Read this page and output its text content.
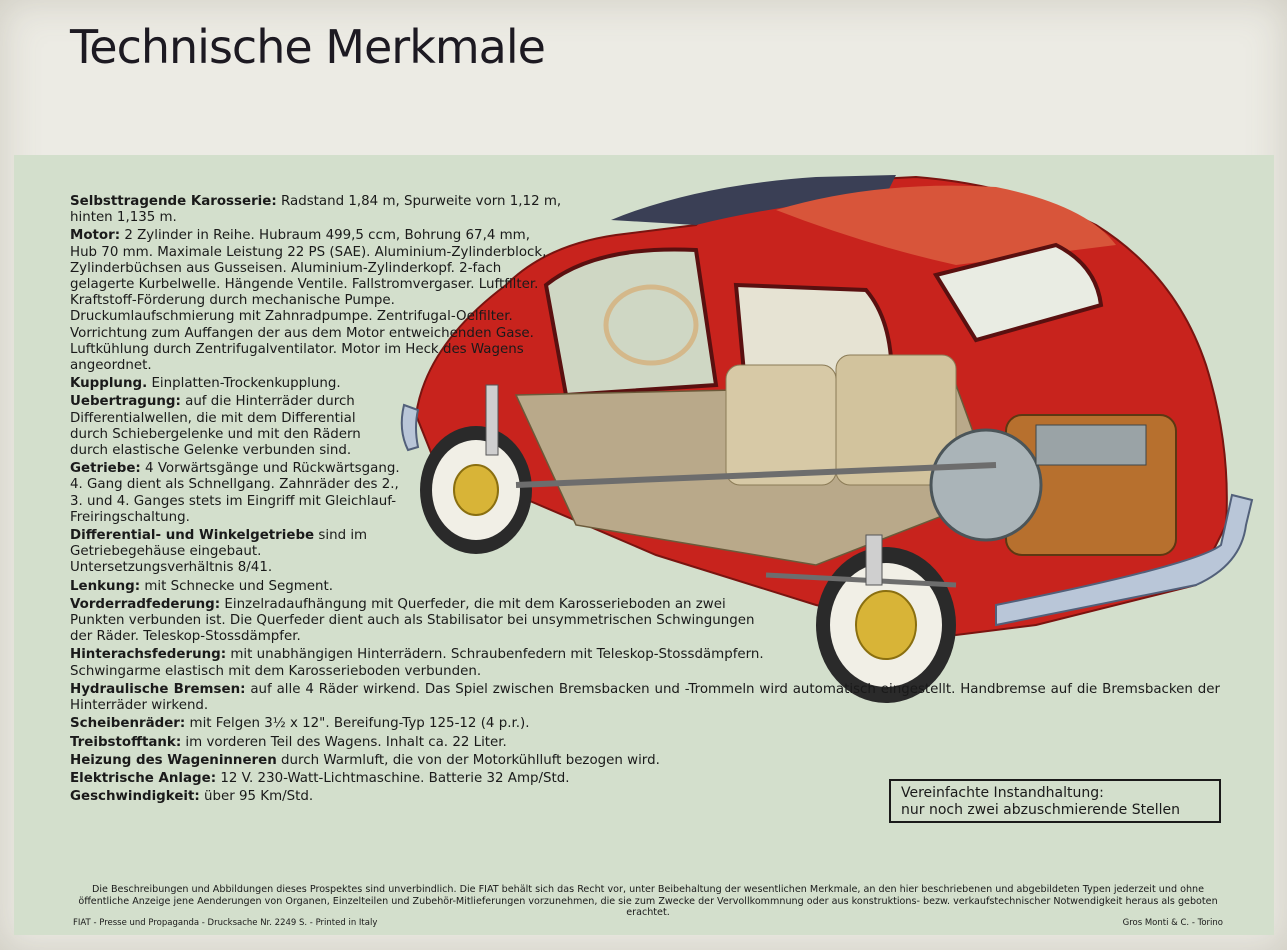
Technische Merkmale

Selbsttragende Karosserie: Radstand 1,84 m, Spurweite vorn 1,12 m, hinten 1,135 m.

Motor: 2 Zylinder in Reihe. Hubraum 499,5 ccm, Bohrung 67,4 mm, Hub 70 mm. Maximale Leistung 22 PS (SAE). Aluminium-Zylinderblock, Zylinderbüchsen aus Gusseisen. Aluminium-Zylinderkopf. 2-fach gelagerte Kurbelwelle. Hängende Ventile. Fallstromvergaser. Luftfilter. Kraftstoff-Förderung durch mechanische Pumpe. Druckumlaufschmierung mit Zahnradpumpe. Zentrifugal-Oelfilter. Vorrichtung zum Auffangen der aus dem Motor entweichenden Gase. Luftkühlung durch Zentrifugalventilator. Motor im Heck des Wagens angeordnet.

Kupplung. Einplatten-Trockenkupplung.

Uebertragung: auf die Hinterräder durch Differentialwellen, die mit dem Differential durch Schiebergelenke und mit den Rädern durch elastische Gelenke verbunden sind.

Getriebe: 4 Vorwärtsgänge und Rückwärtsgang. 4. Gang dient als Schnellgang. Zahnräder des 2., 3. und 4. Ganges stets im Eingriff mit Gleichlauf-Freiringschaltung.

Differential- und Winkelgetriebe sind im Getriebegehäuse eingebaut. Untersetzungsverhältnis 8/41.

Lenkung: mit Schnecke und Segment.

Vorderradfederung: Einzelradaufhängung mit Querfeder, die mit dem Karosserieboden an zwei Punkten verbunden ist. Die Querfeder dient auch als Stabilisator bei unsymmetrischen Schwingungen der Räder. Teleskop-Stossdämpfer.

Hinterachsfederung: mit unabhängigen Hinterrädern. Schraubenfedern mit Teleskop-Stossdämpfern. Schwingarme elastisch mit dem Karosserieboden verbunden.

Hydraulische Bremsen: auf alle 4 Räder wirkend. Das Spiel zwischen Bremsbacken und -Trommeln wird automatisch eingestellt. Handbremse auf die Bremsbacken der Hinterräder wirkend.

Scheibenräder: mit Felgen 3½ x 12". Bereifung-Typ 125-12 (4 p.r.).

Treibstofftank: im vorderen Teil des Wagens. Inhalt ca. 22 Liter.

Heizung des Wageninneren durch Warmluft, die von der Motorkühlluft bezogen wird.

Elektrische Anlage: 12 V. 230-Watt-Lichtmaschine. Batterie 32 Amp/Std.

Geschwindigkeit: über 95 Km/Std.	Vereinfachte Instandhaltung:
nur noch zwei abzuschmierende Stellen
Die Beschreibungen und Abbildungen dieses Prospektes sind unverbindlich. Die FIAT behält sich das Recht vor, unter Beibehaltung der wesentlichen Merkmale, an den hier beschriebenen und abgebildeten Typen jederzeit und ohne öffentliche Anzeige jene Aenderungen von Organen, Einzelteilen und Zubehör-Mitlieferungen vorzunehmen, die sie zum Zwecke der Vervollkommnung oder aus konstruktions- bezw. verkaufstechnischer Notwendigkeit heraus als geboten erachtet.
FIAT - Presse und Propaganda - Drucksache Nr. 2249 S. - Printed in Italy	Gros Monti & C. - Torino
